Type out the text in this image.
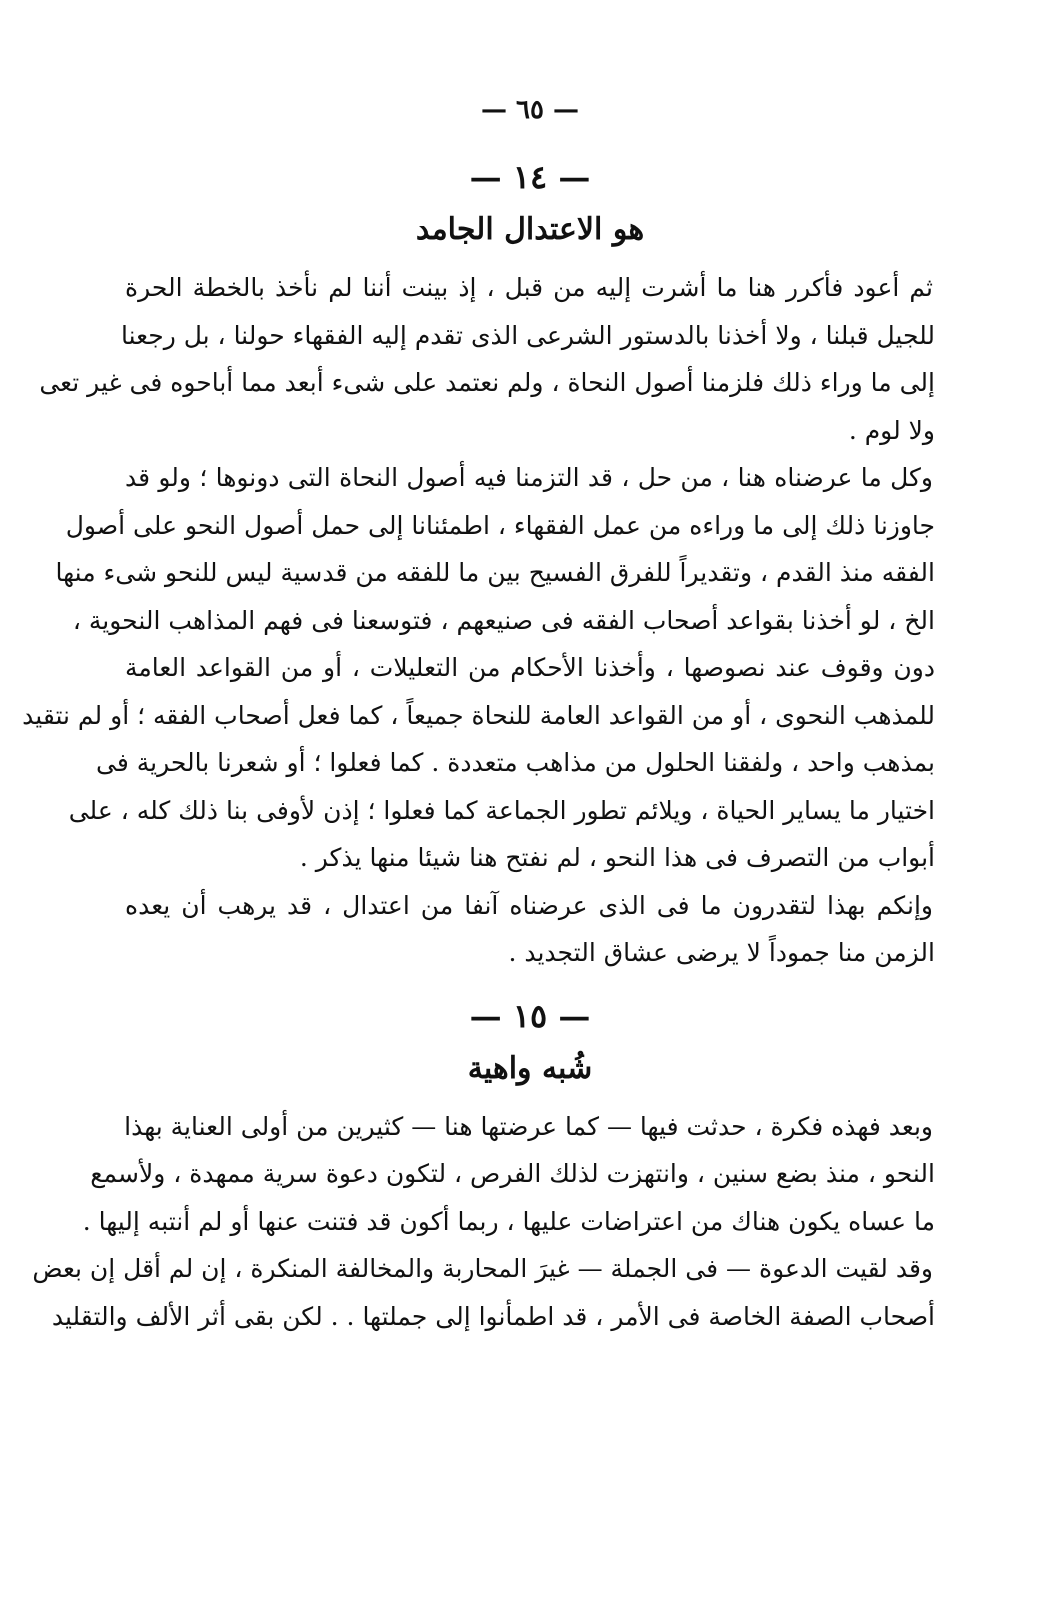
— ٦٥ —
— ١٤ —
هو الاعتدال الجامد

ثم أعود فأكرر هنا ما أشرت إليه من قبل ، إذ بينت أننا لم نأخذ بالخطة الحرة
للجيل قبلنا ، ولا أخذنا بالدستور الشرعى الذى تقدم إليه الفقهاء حولنا ، بل رجعنا
إلى ما وراء ذلك فلزمنا أصول النحاة ، ولم نعتمد على شىء أبعد مما أباحوه فى غير تعى
ولا لوم .

وكل ما عرضناه هنا ، من حل ، قد التزمنا فيه أصول النحاة التى دونوها ؛ ولو قد
جاوزنا ذلك إلى ما وراءه من عمل الفقهاء ، اطمئنانا إلى حمل أصول النحو على أصول
الفقه منذ القدم ، وتقديراً للفرق الفسيح بين ما للفقه من قدسية ليس للنحو شىء منها
الخ ، لو أخذنا بقواعد أصحاب الفقه فى صنيعهم ، فتوسعنا فى فهم المذاهب النحوية ،
دون وقوف عند نصوصها ، وأخذنا الأحكام من التعليلات ، أو من القواعد العامة
للمذهب النحوى ، أو من القواعد العامة للنحاة جميعاً ، كما فعل أصحاب الفقه ؛ أو لم نتقيد
بمذهب واحد ، ولفقنا الحلول من مذاهب متعددة . كما فعلوا ؛ أو شعرنا بالحرية فى
اختيار ما يساير الحياة ، ويلائم تطور الجماعة كما فعلوا ؛ إذن لأوفى بنا ذلك كله ، على
أبواب من التصرف فى هذا النحو ، لم نفتح هنا شيئا منها يذكر .

وإنكم بهذا لتقدرون ما فى الذى عرضناه آنفا من اعتدال ، قد يرهب أن يعده
الزمن منا جموداً لا يرضى عشاق التجديد .

— ١٥ —
شُبه واهية

وبعد فهذه فكرة ، حدثت فيها — كما عرضتها هنا — كثيرين من أولى العناية بهذا
النحو ، منذ بضع سنين ، وانتهزت لذلك الفرص ، لتكون دعوة سرية ممهدة ، ولأسمع
ما عساه يكون هناك من اعتراضات عليها ، ربما أكون قد فتنت عنها أو لم أنتبه إليها .

وقد لقيت الدعوة — فى الجملة — غيرَ المحاربة والمخالفة المنكرة ، إن لم أقل إن بعض
أصحاب الصفة الخاصة فى الأمر ، قد اطمأنوا إلى جملتها . . لكن بقى أثر الألف والتقليد
